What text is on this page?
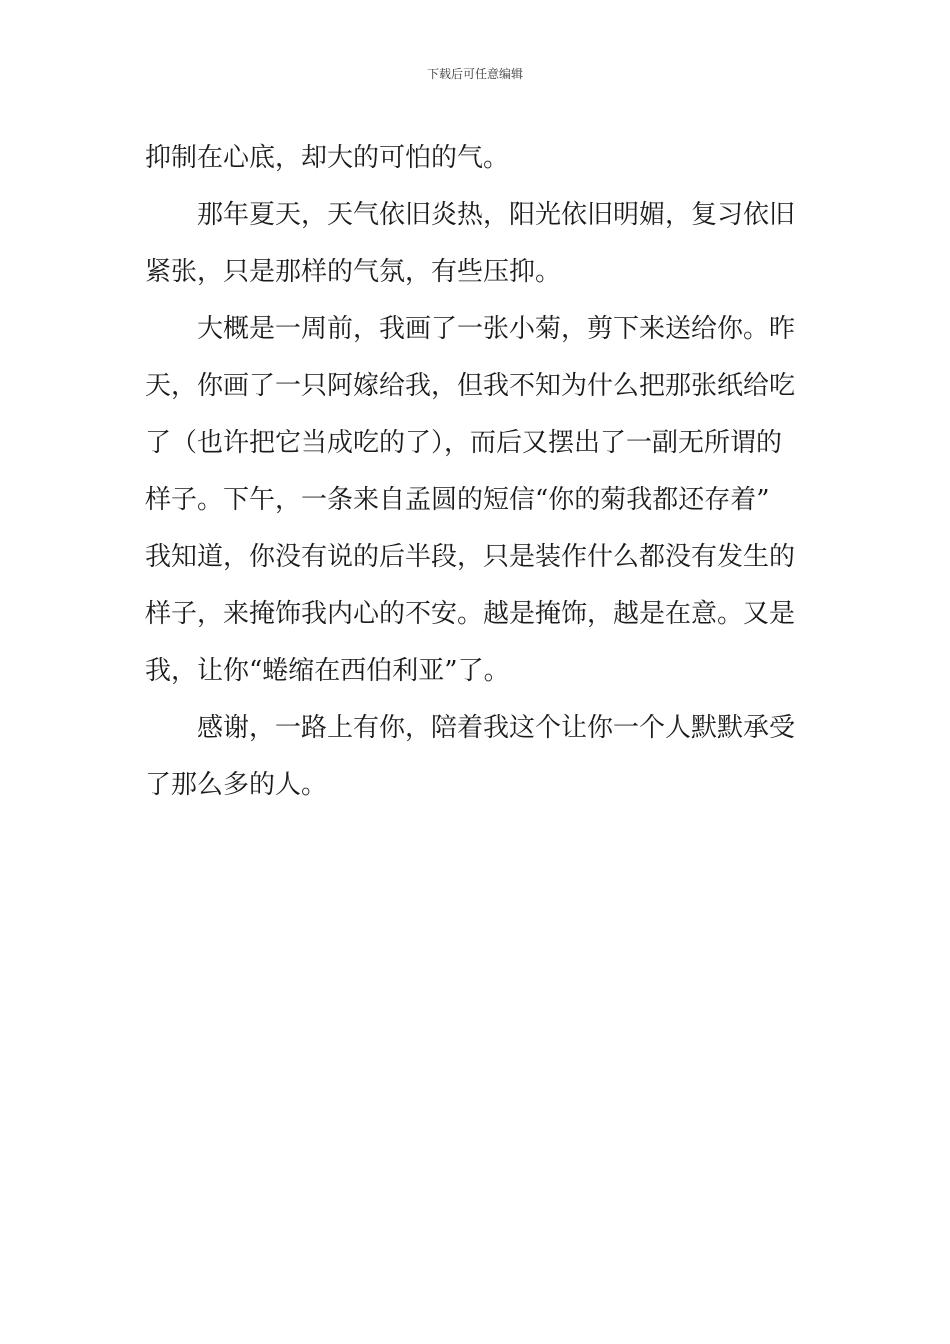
下载后可任意编辑
抑制在心底，却大的可怕的气。
那年夏天，天气依旧炎热，阳光依旧明媚，复习依旧
紧张，只是那样的气氛，有些压抑。
大概是一周前，我画了一张小菊，剪下来送给你。昨
天，你画了一只阿嫁给我，但我不知为什么把那张纸给吃
了（也许把它当成吃的了），而后又摆出了一副无所谓的
样子。下午，一条来自孟圆的短信“你的菊我都还存着”
我知道，你没有说的后半段，只是装作什么都没有发生的
样子，来掩饰我内心的不安。越是掩饰，越是在意。又是
我，让你“蜷缩在西伯利亚”了。
感谢，一路上有你，陪着我这个让你一个人默默承受
了那么多的人。
